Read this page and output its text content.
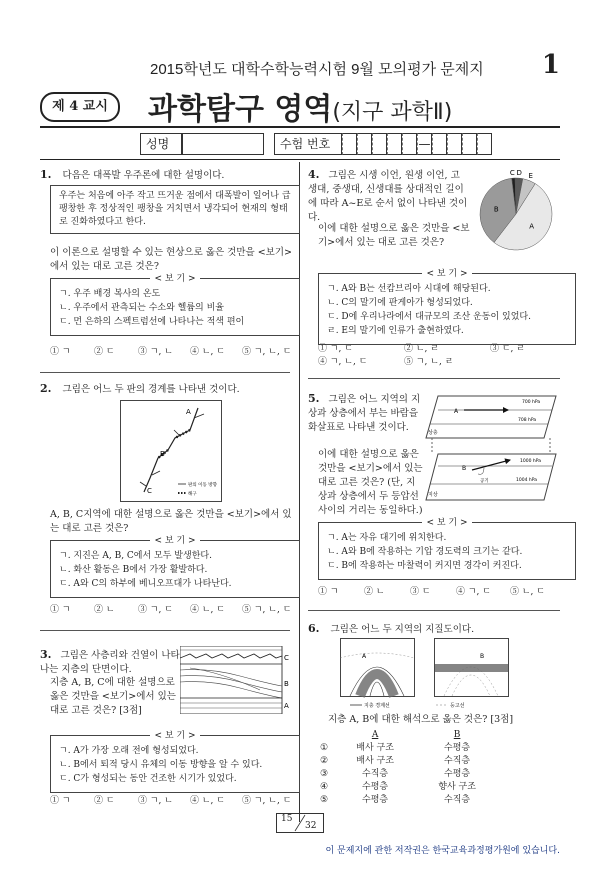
2015학년도 대학수학능력시험 9월 모의평가 문제지 1
제 4 교시	과학탐구 영역(지구 과학Ⅱ)
성명	수험 번호	—
1. 다음은 대폭발 우주론에 대한 설명이다.
우주는 처음에 아주 작고 뜨거운 점에서 대폭발이 일어나 급팽창한 후 정상적인 팽창을 거치면서 냉각되어 현재의 형태로 진화하였다고 한다.
이 이론으로 설명할 수 있는 현상으로 옳은 것만을 <보기>에서 있는 대로 고른 것은?
< 보 기 >
ㄱ. 우주 배경 복사의 온도
ㄴ. 우주에서 관측되는 수소와 헬륨의 비율
ㄷ. 먼 은하의 스펙트럼선에 나타나는 적색 편이
① ㄱ	② ㄷ	③ ㄱ, ㄴ	④ ㄴ, ㄷ	⑤ ㄱ, ㄴ, ㄷ
2. 그림은 어느 두 판의 경계를 나타낸 것이다.
A
B
C
판의 이동 방향
해구
A, B, C지역에 대한 설명으로 옳은 것만을 <보기>에서 있는 대로 고른 것은?
< 보 기 >
ㄱ. 지진은 A, B, C에서 모두 발생한다.
ㄴ. 화산 활동은 B에서 가장 활발하다.
ㄷ. A와 C의 하부에 베니오프대가 나타난다.
① ㄱ	② ㄴ	③ ㄱ, ㄷ	④ ㄴ, ㄷ	⑤ ㄱ, ㄴ, ㄷ
3. 그림은 사층리와 건열이 나타나는 지층의 단면이다.
지층 A, B, C에 대한 설명으로 옳은 것만을 <보기>에서 있는 대로 고른 것은? [3점]
C
B
A
< 보 기 >
ㄱ. A가 가장 오래 전에 형성되었다.
ㄴ. B에서 퇴적 당시 유체의 이동 방향을 알 수 있다.
ㄷ. C가 형성되는 동안 건조한 시기가 있었다.
① ㄱ	② ㄷ	③ ㄱ, ㄴ	④ ㄴ, ㄷ	⑤ ㄱ, ㄴ, ㄷ
4. 그림은 시생 이언, 원생 이언, 고생대, 중생대, 신생대를 상대적인 길이에 따라 A~E로 순서 없이 나타낸 것이다.
이에 대한 설명으로 옳은 것만을 <보기>에서 있는 대로 고른 것은?
C D E
A
B
< 보 기 >
ㄱ. A와 B는 선캄브리아 시대에 해당된다.
ㄴ. C의 말기에 판게아가 형성되었다.
ㄷ. D에 우리나라에서 대규모의 조산 운동이 있었다.
ㄹ. E의 말기에 인류가 출현하였다.
① ㄱ, ㄷ	② ㄴ, ㄹ	③ ㄷ, ㄹ
④ ㄱ, ㄴ, ㄷ	⑤ ㄱ, ㄴ, ㄹ
5. 그림은 어느 지역의 지상과 상층에서 부는 바람을 화살표로 나타낸 것이다.
이에 대한 설명으로 옳은 것만을 <보기>에서 있는 대로 고른 것은? (단, 지상과 상층에서 두 등압선 사이의 거리는 동일하다.)
A
700 hPa
708 hPa
상층
B
공기
1000 hPa
1004 hPa
지상
< 보 기 >
ㄱ. A는 자유 대기에 위치한다.
ㄴ. A와 B에 작용하는 기압 경도력의 크기는 같다.
ㄷ. B에 작용하는 마찰력이 커지면 경각이 커진다.
① ㄱ	② ㄴ	③ ㄷ	④ ㄱ, ㄷ	⑤ ㄴ, ㄷ
6. 그림은 어느 두 지역의 지질도이다.
A	B
지층 경계선	등고선
지층 A, B에 대한 해석으로 옳은 것은? [3점]
	A	B
①	배사 구조	수평층
②	배사 구조	수직층
③	수직층	수평층
④	수평층	향사 구조
⑤	수평층	수직층
15
32
이 문제지에 관한 저작권은 한국교육과정평가원에 있습니다.
